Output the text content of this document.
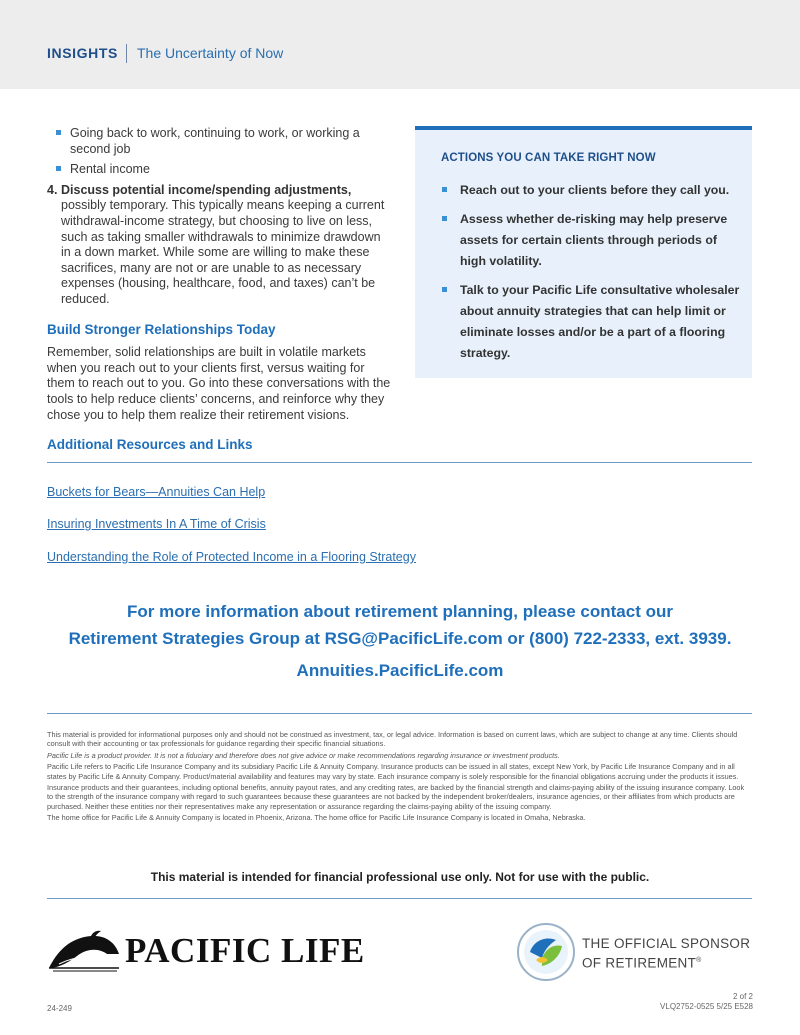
INSIGHTS The Uncertainty of Now
Going back to work, continuing to work, or working a second job
Rental income
4. Discuss potential income/spending adjustments, possibly temporary. This typically means keeping a current withdrawal-income strategy, but choosing to live on less, such as taking smaller withdrawals to minimize drawdown in a down market. While some are willing to make these sacrifices, many are not or are unable to as necessary expenses (housing, healthcare, food, and taxes) can’t be reduced.
Build Stronger Relationships Today

Remember, solid relationships are built in volatile markets when you reach out to your clients first, versus waiting for them to reach out to you. Go into these conversations with the tools to help reduce clients’ concerns, and reinforce why they chose you to help them realize their retirement visions.

ACTIONS YOU CAN TAKE RIGHT NOW
Reach out to your clients before they call you.
Assess whether de-risking may help preserve assets for certain clients through periods of high volatility.
Talk to your Pacific Life consultative wholesaler about annuity strategies that can help limit or eliminate losses and/or be a part of a flooring strategy.
Additional Resources and Links
Buckets for Bears—Annuities Can Help
Insuring Investments In A Time of Crisis
Understanding the Role of Protected Income in a Flooring Strategy
For more information about retirement planning, please contact our
Retirement Strategies Group at RSG@PacificLife.com or (800) 722-2333, ext. 3939.
Annuities.PacificLife.com

This material is provided for informational purposes only and should not be construed as investment, tax, or legal advice. Information is based on current laws, which are subject to change at any time. Clients should consult with their accounting or tax professionals for guidance regarding their specific financial situations.

Pacific Life is a product provider. It is not a fiduciary and therefore does not give advice or make recommendations regarding insurance or investment products.

Pacific Life refers to Pacific Life Insurance Company and its subsidiary Pacific Life & Annuity Company. Insurance products can be issued in all states, except New York, by Pacific Life Insurance Company and in all states by Pacific Life & Annuity Company. Product/material availability and features may vary by state. Each insurance company is solely responsible for the financial obligations accruing under the products it issues.

Insurance products and their guarantees, including optional benefits, annuity payout rates, and any crediting rates, are backed by the financial strength and claims-paying ability of the issuing insurance company. Look to the strength of the insurance company with regard to such guarantees because these guarantees are not backed by the independent broker/dealers, insurance agencies, or their affiliates from which products are purchased. Neither these entities nor their representatives make any representation or assurance regarding the claims-paying ability of the issuing company.

The home office for Pacific Life & Annuity Company is located in Phoenix, Arizona. The home office for Pacific Life Insurance Company is located in Omaha, Nebraska.

This material is intended for financial professional use only. Not for use with the public.
PACIFIC LIFE	THE OFFICIAL SPONSOR
OF RETIREMENT®
2 of 2
VLQ2752-0525 5/25 E528
24-249
